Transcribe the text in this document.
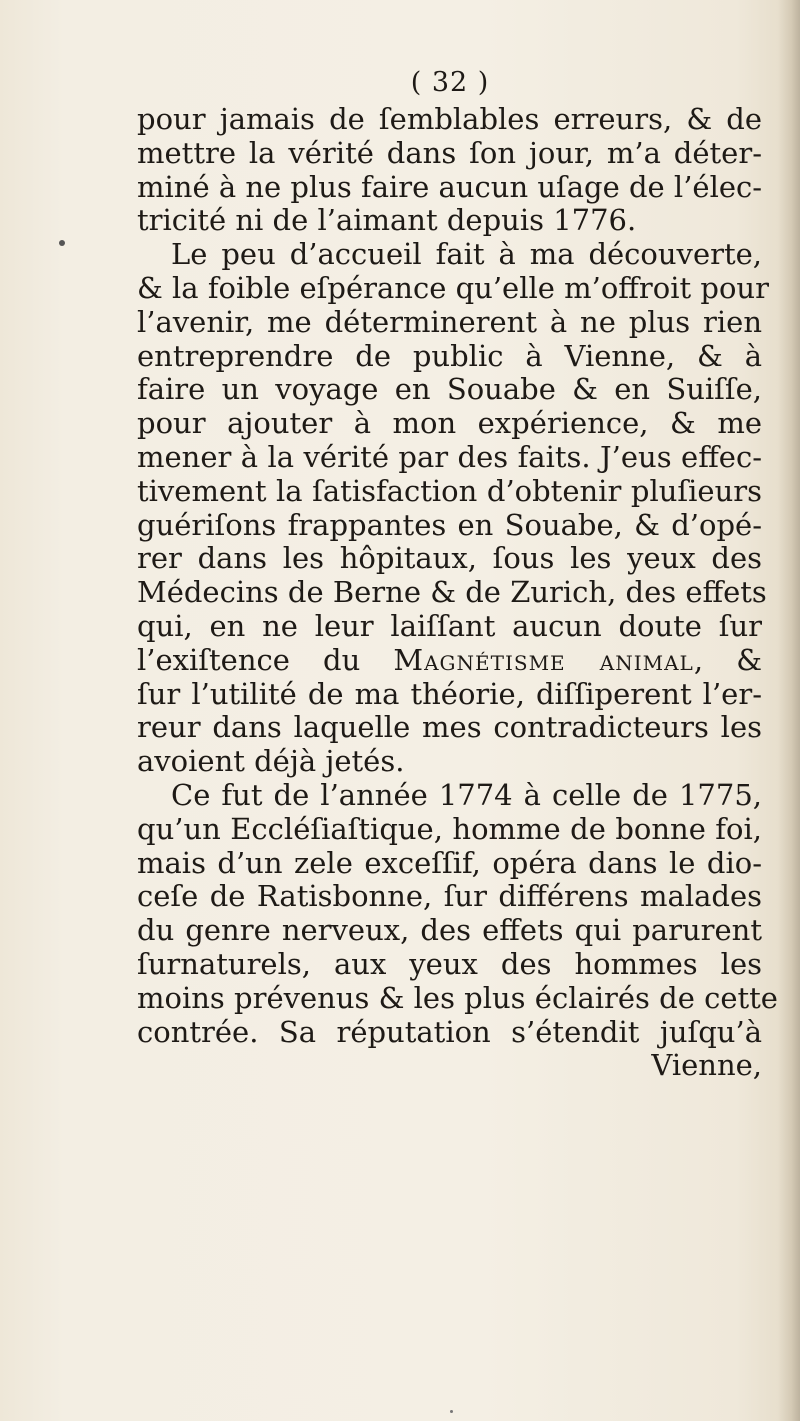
( 32 )
pour jamais de ſemblables erreurs, & de
mettre la vérité dans ſon jour, m’a déter-
miné à ne plus faire aucun uſage de l’élec-
tricité ni de l’aimant depuis 1776.
Le peu d’accueil fait à ma découverte,
& la foible eſpérance qu’elle m’offroit pour
l’avenir, me déterminerent à ne plus rien
entreprendre de public à Vienne, & à
faire un voyage en Souabe & en Suiſſe,
pour ajouter à mon expérience, & me
mener à la vérité par des faits. J’eus effec-
tivement la ſatisfaction d’obtenir pluſieurs
guériſons frappantes en Souabe, & d’opé-
rer dans les hôpitaux, ſous les yeux des
Médecins de Berne & de Zurich, des effets
qui, en ne leur laiſſant aucun doute ſur
l’exiſtence du Magnétisme animal, &
ſur l’utilité de ma théorie, diſſiperent l’er-
reur dans laquelle mes contradicteurs les
avoient déjà jetés.
Ce fut de l’année 1774 à celle de 1775,
qu’un Eccléſiaſtique, homme de bonne foi,
mais d’un zele exceſſif, opéra dans le dio-
ceſe de Ratisbonne, ſur différens malades
du genre nerveux, des effets qui parurent
ſurnaturels, aux yeux des hommes les
moins prévenus & les plus éclairés de cette
contrée. Sa réputation s’étendit juſqu’à
Vienne,
